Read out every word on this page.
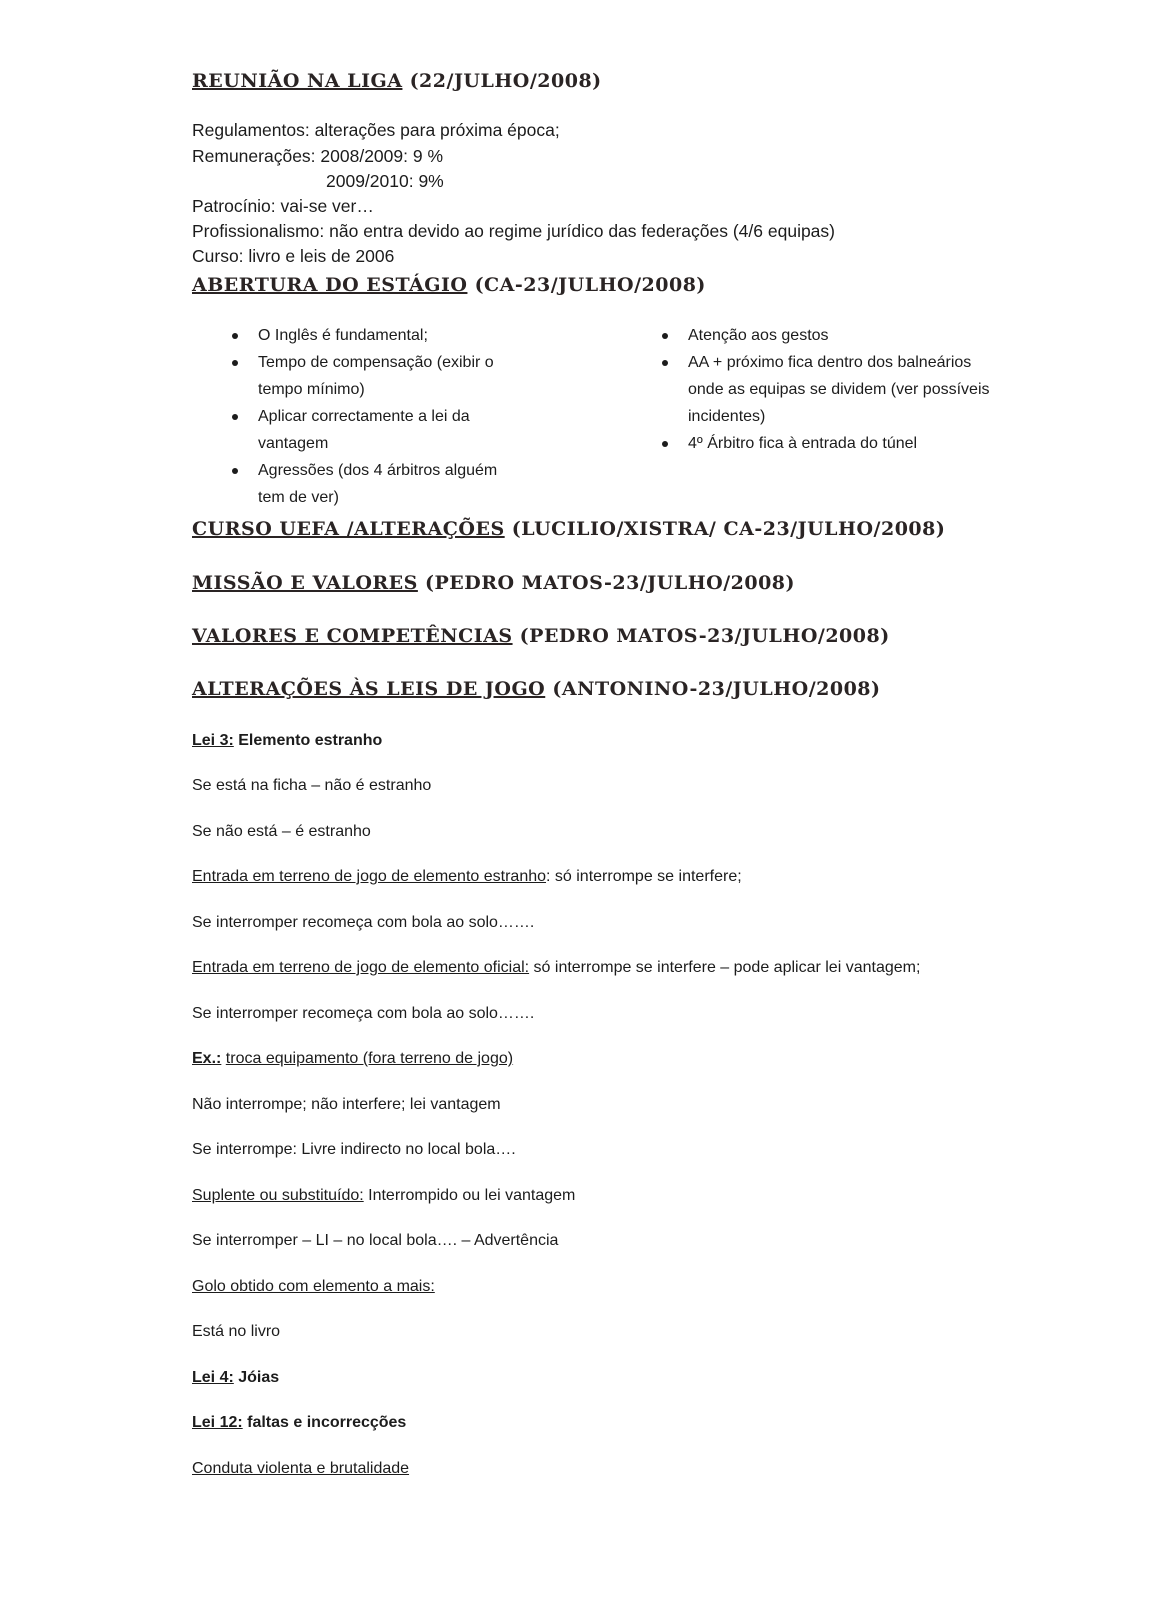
REUNIÃO NA LIGA (22/JULHO/2008)
Regulamentos: alterações para próxima época;
Remunerações: 2008/2009: 9 %
2009/2010: 9%
Patrocínio: vai-se ver…
Profissionalismo: não entra devido ao regime jurídico das federações (4/6 equipas)
Curso: livro e leis de 2006
ABERTURA DO ESTÁGIO (CA-23/JULHO/2008)
O Inglês é fundamental;
Tempo de compensação (exibir o tempo mínimo)
Aplicar correctamente a lei da vantagem
Agressões (dos 4 árbitros alguém tem de ver)
Atenção aos gestos
AA + próximo fica dentro dos balneários onde as equipas se dividem (ver possíveis incidentes)
4º Árbitro fica à entrada do túnel
CURSO UEFA /ALTERAÇÕES (LUCILIO/XISTRA/ CA-23/JULHO/2008)
MISSÃO E VALORES (PEDRO MATOS-23/JULHO/2008)
VALORES E COMPETÊNCIAS (PEDRO MATOS-23/JULHO/2008)
ALTERAÇÕES ÀS LEIS DE JOGO (ANTONINO-23/JULHO/2008)
Lei 3: Elemento estranho
Se está na ficha – não é estranho
Se não está – é estranho
Entrada em terreno de jogo de elemento estranho: só interrompe se interfere;
Se interromper recomeça com bola ao solo…….
Entrada em terreno de jogo de elemento oficial: só interrompe se interfere – pode aplicar lei vantagem;
Se interromper recomeça com bola ao solo…….
Ex.: troca equipamento (fora terreno de jogo)
Não interrompe; não interfere; lei vantagem
Se interrompe: Livre indirecto no local bola….
Suplente ou substituído: Interrompido ou lei vantagem
Se interromper – LI – no local bola…. – Advertência
Golo obtido com elemento a mais:
Está no livro
Lei 4: Jóias
Lei 12: faltas e incorrecções
Conduta violenta e brutalidade
